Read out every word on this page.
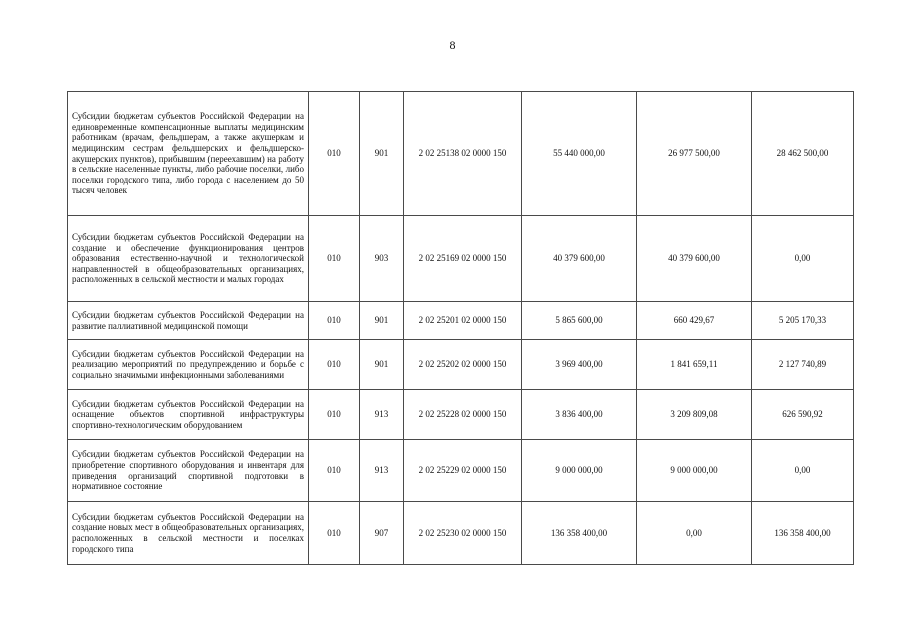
8
Субсидии бюджетам субъектов Российской Федерации на единовременные компенсационные выплаты медицинским работникам (врачам, фельдшерам, а также акушеркам и медицинским сестрам фельдшерских и фельдшерско-акушерских пунктов), прибывшим (переехавшим) на работу в сельские населенные пункты, либо рабочие поселки, либо поселки городского типа, либо города с населением до 50 тысяч человек	010	901	2 02 25138 02 0000 150	55 440 000,00	26 977 500,00	28 462 500,00
Субсидии бюджетам субъектов Российской Федерации на создание и обеспечение функционирования центров образования естественно-научной и технологической направленностей в общеобразовательных организациях, расположенных в сельской местности и малых городах	010	903	2 02 25169 02 0000 150	40 379 600,00	40 379 600,00	0,00
Субсидии бюджетам субъектов Российской Федерации на развитие паллиативной медицинской помощи	010	901	2 02 25201 02 0000 150	5 865 600,00	660 429,67	5 205 170,33
Субсидии бюджетам субъектов Российской Федерации на реализацию мероприятий по предупреждению и борьбе с социально значимыми инфекционными заболеваниями	010	901	2 02 25202 02 0000 150	3 969 400,00	1 841 659,11	2 127 740,89
Субсидии бюджетам субъектов Российской Федерации на оснащение объектов спортивной инфраструктуры спортивно-технологическим оборудованием	010	913	2 02 25228 02 0000 150	3 836 400,00	3 209 809,08	626 590,92
Субсидии бюджетам субъектов Российской Федерации на приобретение спортивного оборудования и инвентаря для приведения организаций спортивной подготовки в нормативное состояние	010	913	2 02 25229 02 0000 150	9 000 000,00	9 000 000,00	0,00
Субсидии бюджетам субъектов Российской Федерации на создание новых мест в общеобразовательных организациях, расположенных в сельской местности и поселках городского типа	010	907	2 02 25230 02 0000 150	136 358 400,00	0,00	136 358 400,00
